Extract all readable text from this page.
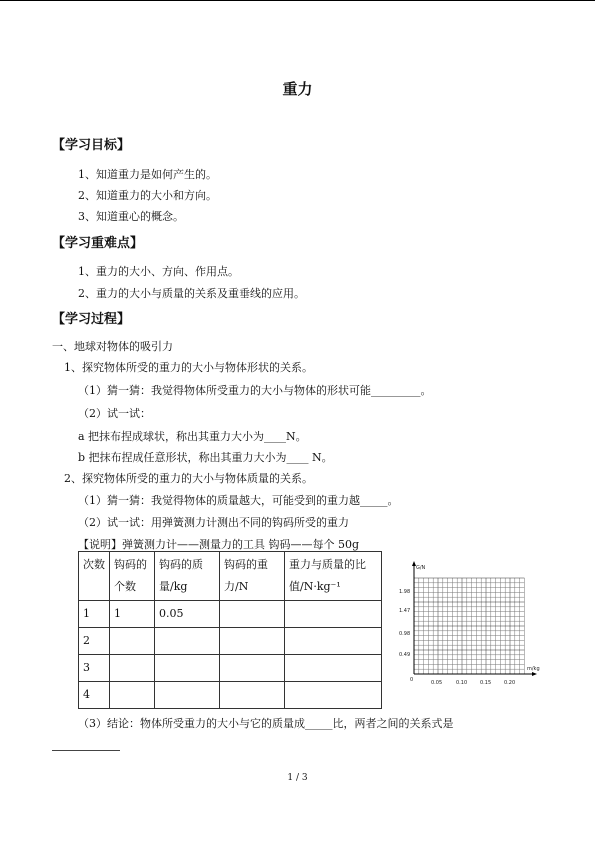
重力
【学习目标】
1、知道重力是如何产生的。
2、知道重力的大小和方向。
3、知道重心的概念。
【学习重难点】
1、重力的大小、方向、作用点。
2、重力的大小与质量的关系及重垂线的应用。
【学习过程】
一、地球对物体的吸引力
1、探究物体所受的重力的大小与物体形状的关系。
（1）猜一猜：我觉得物体所受重力的大小与物体的形状可能_________。
（2）试一试：
a 把抹布捏成球状，称出其重力大小为____N。
b 把抹布捏成任意形状，称出其重力大小为____ N。
2、探究物体所受的重力的大小与物体质量的关系。
（1）猜一猜：我觉得物体的质量越大，可能受到的重力越_____。
（2）试一试：用弹簧测力计测出不同的钩码所受的重力
【说明】弹簧测力计——测量力的工具 钩码——每个 50g
次数	钩码的个数	钩码的质量/kg	钩码的重力/N	重力与质量的比值/N·kg⁻¹
1	1	0.05		
2				
3				
4				
G/N
m/kg
1.98
1.47
0.98
0.49
0	0.05	0.10	0.15	0.20
（3）结论：物体所受重力的大小与它的质量成_____比，两者之间的关系式是
1 / 3
